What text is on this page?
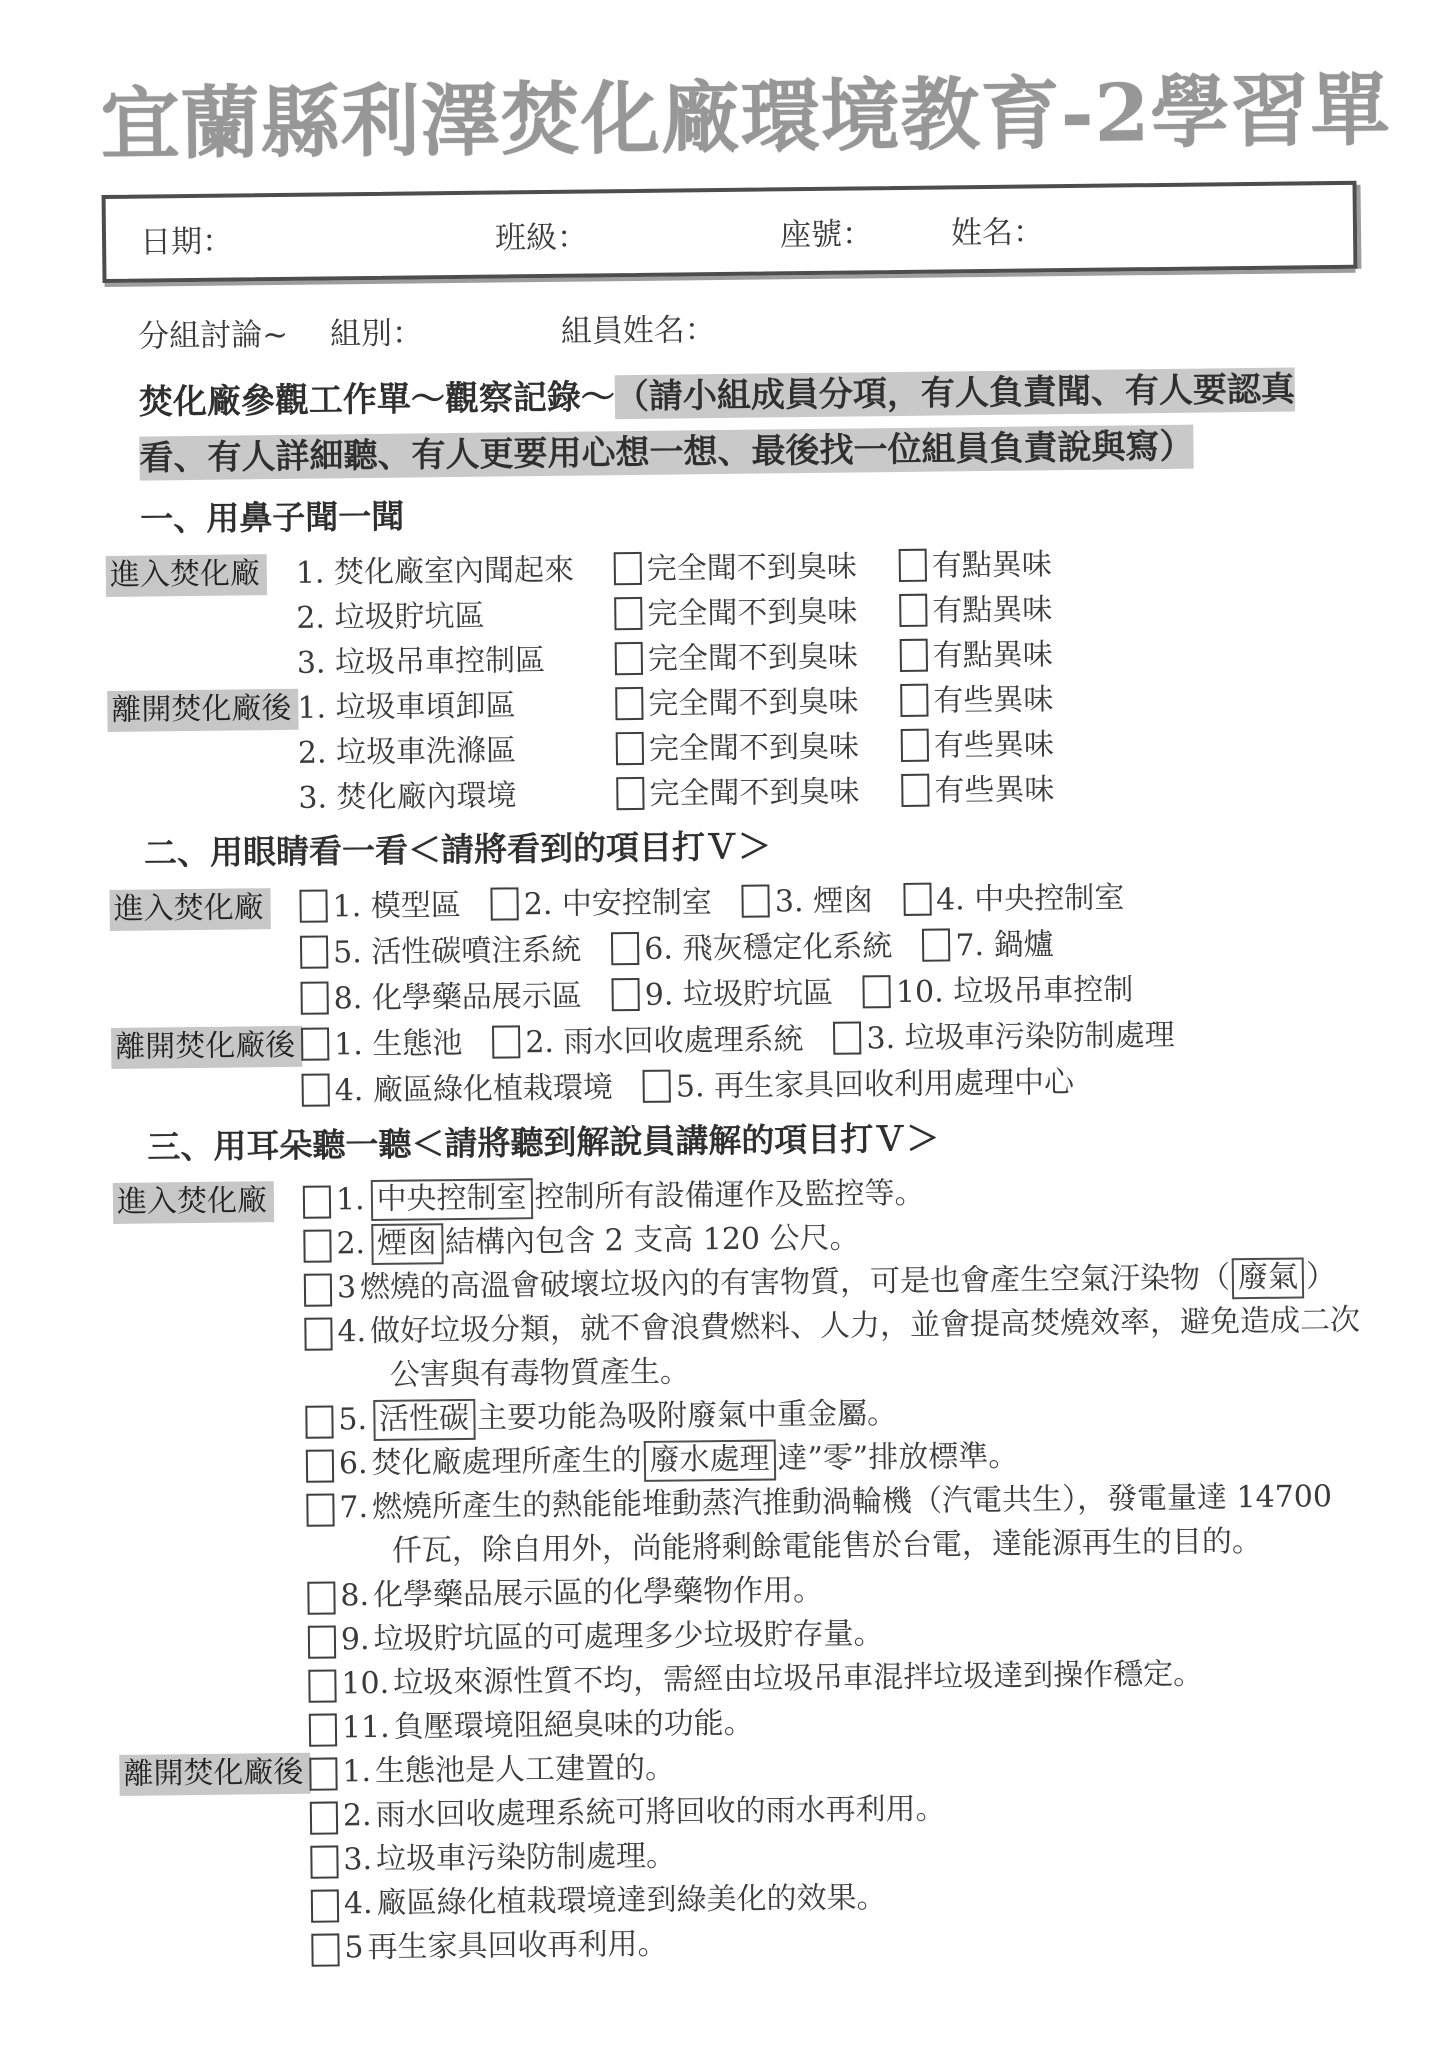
宜蘭縣利澤焚化廠環境教育-2學習單
日期：	班級：	座號：	姓名：
分組討論~ 組別：	組員姓名：
焚化廠參觀工作單～觀察記錄～（請小組成員分項，有人負責聞、有人要認真看、有人詳細聽、有人更要用心想一想、最後找一位組員負責說與寫）
一、用鼻子聞一聞
進入焚化廠	1. 焚化廠室內聞起來	完全聞不到臭味	有點異味
2. 垃圾貯坑區	完全聞不到臭味	有點異味
3. 垃圾吊車控制區	完全聞不到臭味	有點異味
離開焚化廠後 1. 垃圾車頃卸區	完全聞不到臭味	有些異味
2. 垃圾車洗滌區	完全聞不到臭味	有些異味
3. 焚化廠內環境	完全聞不到臭味	有些異味
二、用眼睛看一看＜請將看到的項目打Ｖ＞
進入焚化廠	1. 模型區	2. 中安控制室	3. 煙囪	4. 中央控制室
5. 活性碳噴注系統	6. 飛灰穩定化系統	7. 鍋爐
8. 化學藥品展示區	9. 垃圾貯坑區	10. 垃圾吊車控制
離開焚化廠後	1. 生態池	2. 雨水回收處理系統	3. 垃圾車污染防制處理
4. 廠區綠化植栽環境	5. 再生家具回收利用處理中心
三、用耳朵聽一聽＜請將聽到解說員講解的項目打Ｖ＞
進入焚化廠	1. 中央控制室 控制所有設備運作及監控等。
2. 煙囪 結構內包含 2 支高 120 公尺。
3 燃燒的高溫會破壞垃圾內的有害物質，可是也會產生空氣汙染物（ 廢氣 ）
4. 做好垃圾分類，就不會浪費燃料、人力，並會提高焚燒效率，避免造成二次公害與有毒物質產生。
5. 活性碳 主要功能為吸附廢氣中重金屬。
6. 焚化廠處理所產生的 廢水處理 達”零”排放標準。
7. 燃燒所產生的熱能能堆動蒸汽推動渦輪機（汽電共生），發電量達 14700 仟瓦，除自用外，尚能將剩餘電能售於台電，達能源再生的目的。
8. 化學藥品展示區的化學藥物作用。
9. 垃圾貯坑區的可處理多少垃圾貯存量。
10. 垃圾來源性質不均，需經由垃圾吊車混拌垃圾達到操作穩定。
11. 負壓環境阻絕臭味的功能。
離開焚化廠後 1. 生態池是人工建置的。
2. 雨水回收處理系統可將回收的雨水再利用。
3. 垃圾車污染防制處理。
4. 廠區綠化植栽環境達到綠美化的效果。
5 再生家具回收再利用。
